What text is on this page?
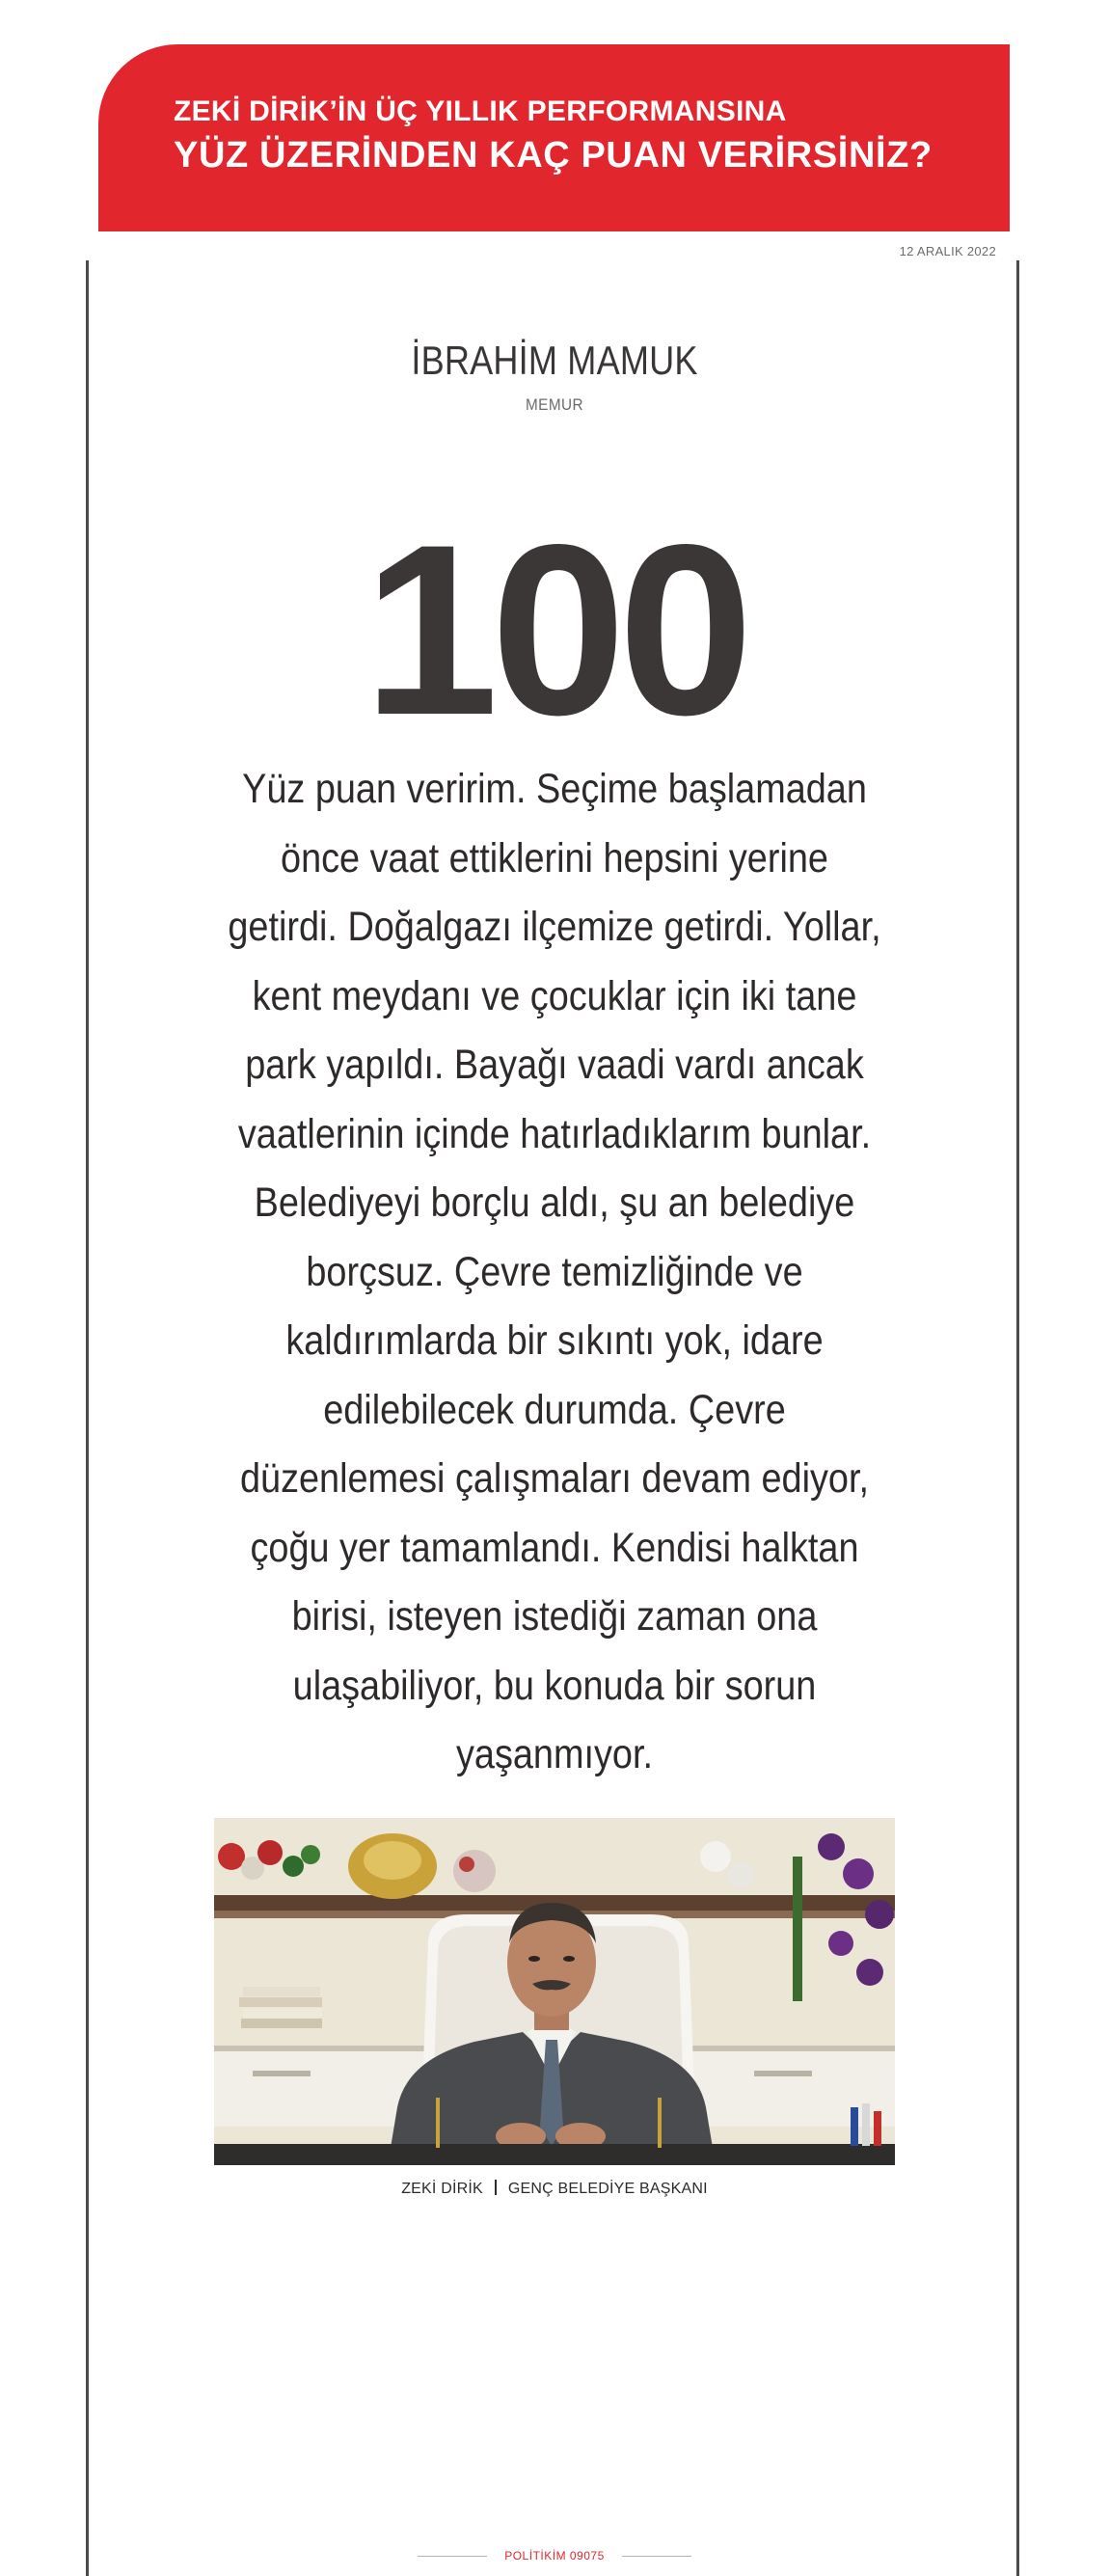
ZEKİ DİRİK’İN ÜÇ YILLIK PERFORMANSINA
YÜZ ÜZERİNDEN KAÇ PUAN VERİRSİNİZ?
12 ARALIK 2022
İBRAHİM MAMUK
MEMUR
100
Yüz puan veririm. Seçime başlamadan önce vaat ettiklerini hepsini yerine getirdi. Doğalgazı ilçemize getirdi. Yollar, kent meydanı ve çocuklar için iki tane park yapıldı. Bayağı vaadi vardı ancak vaatlerinin içinde hatırladıklarım bunlar. Belediyeyi borçlu aldı, şu an belediye borçsuz. Çevre temizliğinde ve kaldırımlarda bir sıkıntı yok, idare edilebilecek durumda. Çevre düzenlemesi çalışmaları devam ediyor, çoğu yer tamamlandı. Kendisi halktan birisi, isteyen istediği zaman ona ulaşabiliyor, bu konuda bir sorun yaşanmıyor.
ZEKİ DİRİK GENÇ BELEDİYE BAŞKANI
POLİTİKİM 09075
